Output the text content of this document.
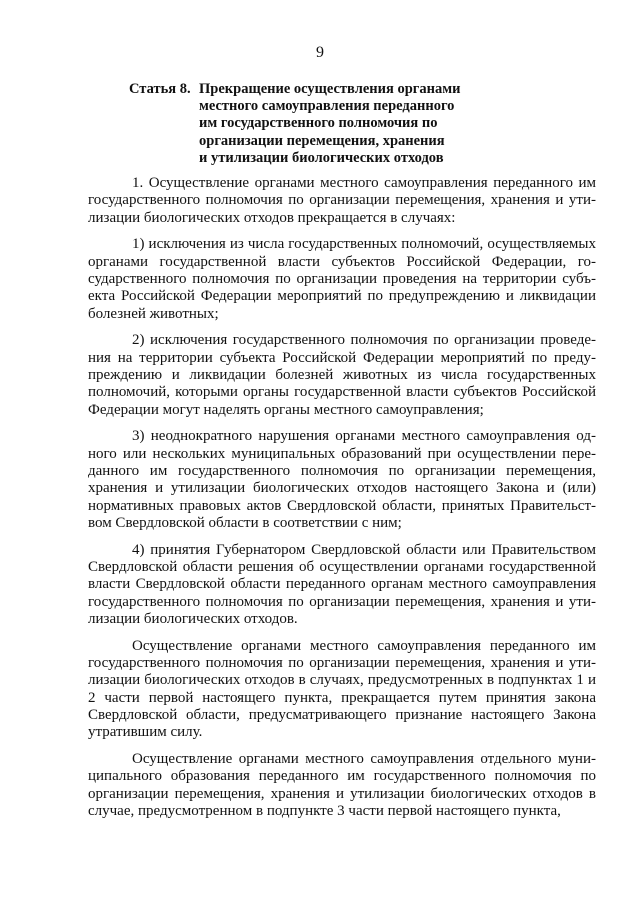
9
Статья 8. Прекращение осуществления органами
местного самоуправления переданного
им государственного полномочия по
организации перемещения, хранения
и утилизации биологических отходов

1. Осуществление органами местного самоуправления переданного им государственного полномочия по организации перемещения, хранения и утилизации биологических отходов прекращается в случаях:

1) исключения из числа государственных полномочий, осуществляемых органами государственной власти субъектов Российской Федерации, государственного полномочия по организации проведения на территории субъекта Российской Федерации мероприятий по предупреждению и ликвидации болезней животных;

2) исключения государственного полномочия по организации проведения на территории субъекта Российской Федерации мероприятий по предупреждению и ликвидации болезней животных из числа государственных полномочий, которыми органы государственной власти субъектов Российской Федерации могут наделять органы местного самоуправления;

3) неоднократного нарушения органами местного самоуправления одного или нескольких муниципальных образований при осуществлении переданного им государственного полномочия по организации перемещения, хранения и утилизации биологических отходов настоящего Закона и (или) нормативных правовых актов Свердловской области, принятых Правительством Свердловской области в соответствии с ним;

4) принятия Губернатором Свердловской области или Правительством Свердловской области решения об осуществлении органами государственной власти Свердловской области переданного органам местного самоуправления государственного полномочия по организации перемещения, хранения и утилизации биологических отходов.

Осуществление органами местного самоуправления переданного им государственного полномочия по организации перемещения, хранения и утилизации биологических отходов в случаях, предусмотренных в подпунктах 1 и 2 части первой настоящего пункта, прекращается путем принятия закона Свердловской области, предусматривающего признание настоящего Закона утратившим силу.

Осуществление органами местного самоуправления отдельного муниципального образования переданного им государственного полномочия по организации перемещения, хранения и утилизации биологических отходов в случае, предусмотренном в подпункте 3 части первой настоящего пункта,
